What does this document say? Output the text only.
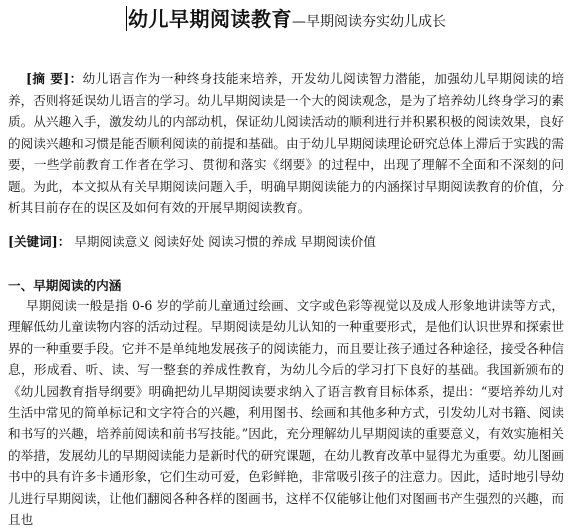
幼儿早期阅读教育—早期阅读夯实幼儿成长

[摘 要]：幼儿语言作为一种终身技能来培养，开发幼儿阅读智力潜能，加强幼儿早期阅读的培养，否则将延误幼儿语言的学习。幼儿早期阅读是一个大的阅读观念，是为了培养幼儿终身学习的素质。从兴趣入手，激发幼儿的内部动机，保证幼儿阅读活动的顺利进行并积累积极的阅读效果，良好的阅读兴趣和习惯是能否顺利阅读的前提和基础。由于幼儿早期阅读理论研究总体上滞后于实践的需要，一些学前教育工作者在学习、贯彻和落实《纲要》的过程中，出现了理解不全面和不深刻的问题。为此，本文拟从有关早期阅读问题入手，明确早期阅读能力的内涵探讨早期阅读教育的价值，分析其目前存在的误区及如何有效的开展早期阅读教育。

[关键词]： 早期阅读意义 阅读好处 阅读习惯的养成 早期阅读价值

一、早期阅读的内涵

早期阅读一般是指 0-6 岁的学前儿童通过绘画、文字或色彩等视觉以及成人形象地讲读等方式，理解低幼儿童读物内容的活动过程。早期阅读是幼儿认知的一种重要形式，是他们认识世界和探索世界的一种重要手段。它并不是单纯地发展孩子的阅读能力，而且要让孩子通过各种途径，接受各种信息，形成看、听、读、写一整套的养成性教育，为幼儿今后的学习打下良好的基础。我国新颁布的《幼儿园教育指导纲要》明确把幼儿早期阅读要求纳入了语言教育目标体系，提出：“要培养幼儿对生活中常见的简单标记和文字符合的兴趣，利用图书、绘画和其他多种方式，引发幼儿对书籍、阅读和书写的兴趣，培养前阅读和前书写技能。”因此，充分理解幼儿早期阅读的重要意义，有效实施相关的举措，发展幼儿的早期阅读能力是新时代的研究课题，在幼儿教育改革中显得尤为重要。幼儿图画书中的具有许多卡通形象，它们生动可爱，色彩鲜艳，非常吸引孩子的注意力。因此，适时地引导幼儿进行早期阅读，让他们翻阅各种各样的图画书，这样不仅能够让他们对图画书产生强烈的兴趣，而且也
